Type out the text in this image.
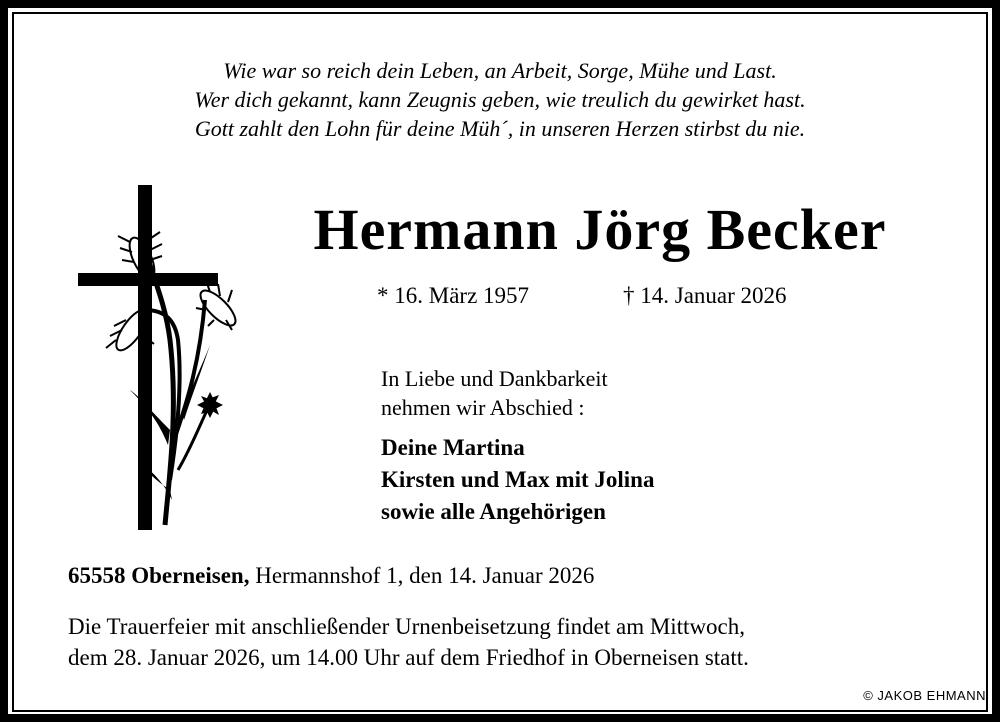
Wie war so reich dein Leben, an Arbeit, Sorge, Mühe und Last.
Wer dich gekannt, kann Zeugnis geben, wie treulich du gewirket hast.
Gott zahlt den Lohn für deine Müh´, in unseren Herzen stirbst du nie.
Hermann Jörg Becker
* 16. März 1957	† 14. Januar 2026
In Liebe und Dankbarkeit
nehmen wir Abschied :
Deine Martina
Kirsten und Max mit Jolina
sowie alle Angehörigen
65558 Oberneisen, Hermannshof 1, den 14. Januar 2026
Die Trauerfeier mit anschließender Urnenbeisetzung findet am Mittwoch,
dem 28. Januar 2026, um 14.00 Uhr auf dem Friedhof in Oberneisen statt.
© JAKOB EHMANN
